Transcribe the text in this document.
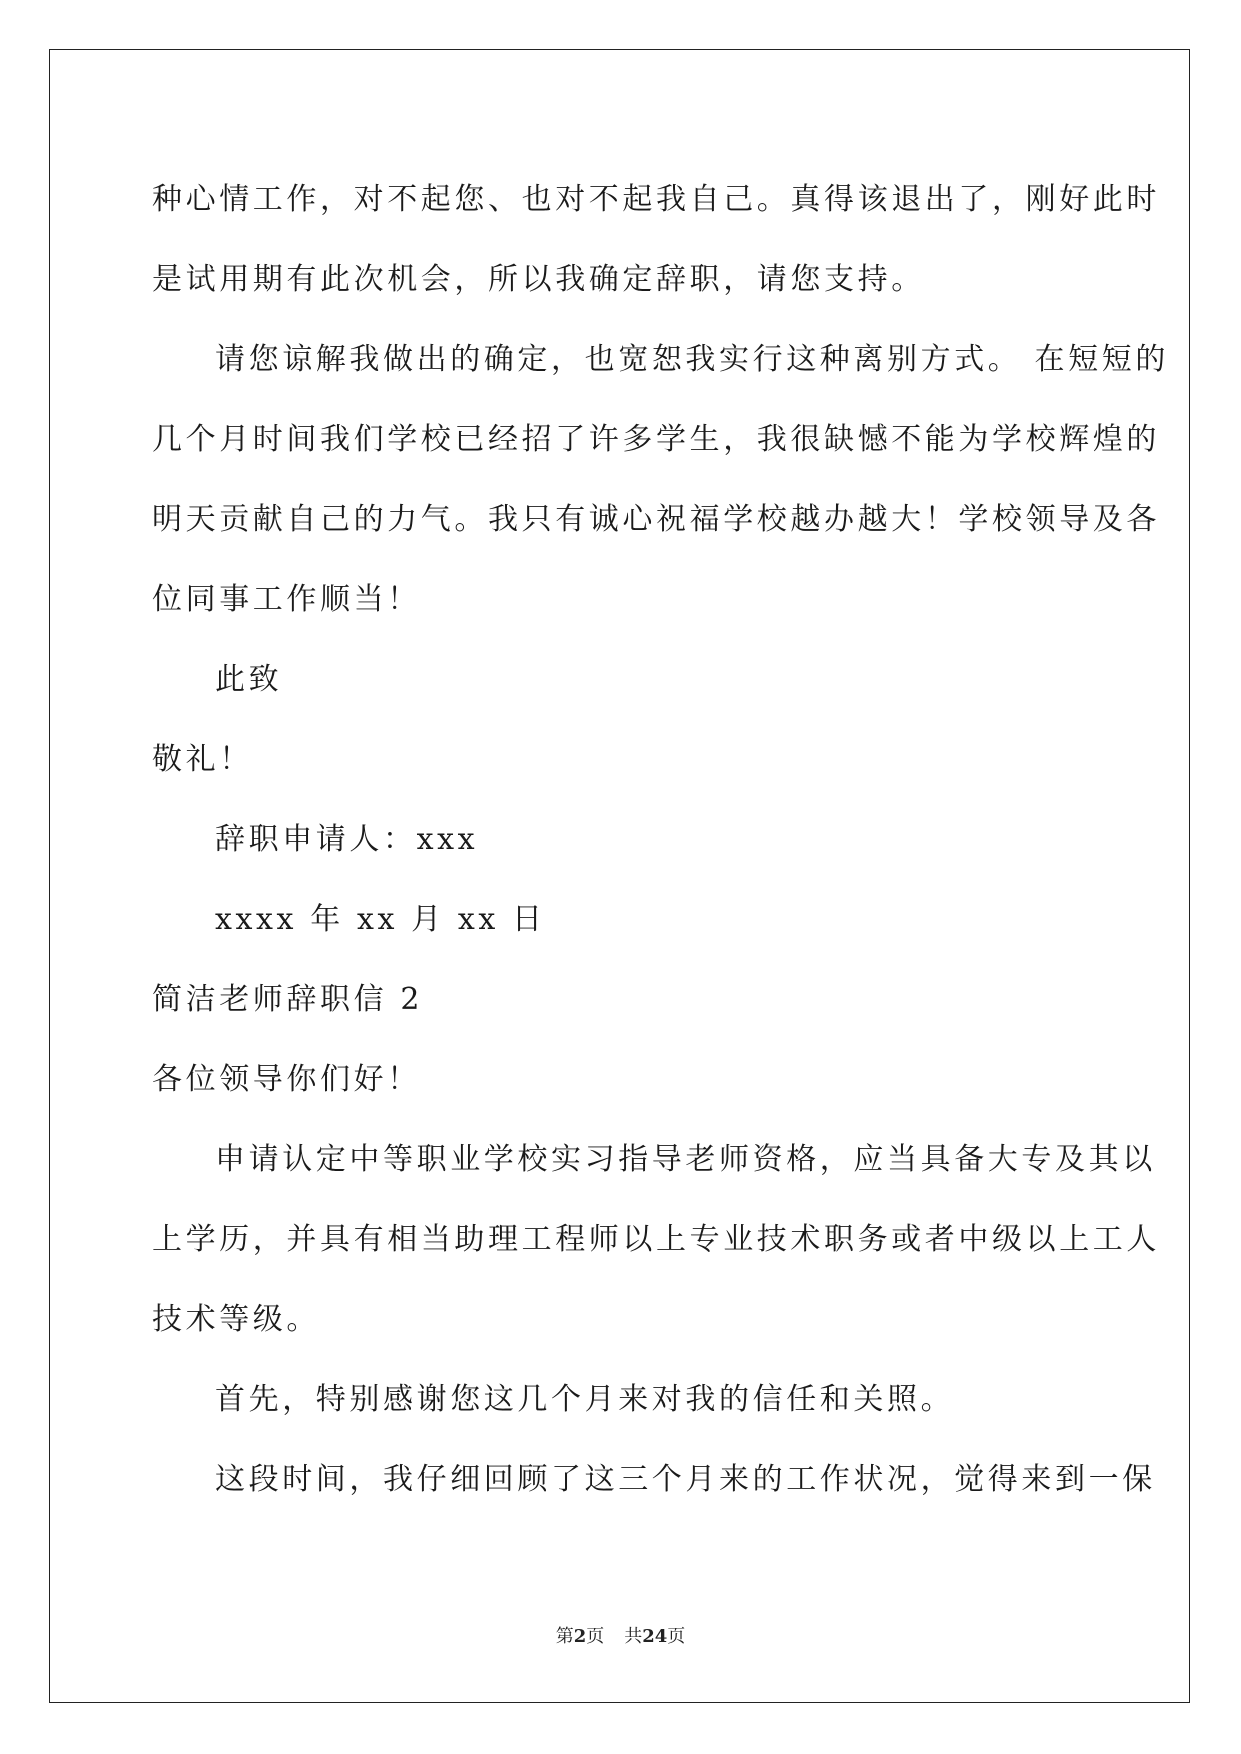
种心情工作，对不起您、也对不起我自己。真得该退出了，刚好此时
是试用期有此次机会，所以我确定辞职，请您支持。
请您谅解我做出的确定，也宽恕我实行这种离别方式。 在短短的
几个月时间我们学校已经招了许多学生，我很缺憾不能为学校辉煌的
明天贡献自己的力气。我只有诚心祝福学校越办越大！学校领导及各
位同事工作顺当！
此致
敬礼！
辞职申请人：xxx
xxxx 年 xx 月 xx 日
简洁老师辞职信 2
各位领导你们好！
申请认定中等职业学校实习指导老师资格，应当具备大专及其以
上学历，并具有相当助理工程师以上专业技术职务或者中级以上工人
技术等级。
首先，特别感谢您这几个月来对我的信任和关照。
这段时间，我仔细回顾了这三个月来的工作状况，觉得来到一保
第2页 共24页
